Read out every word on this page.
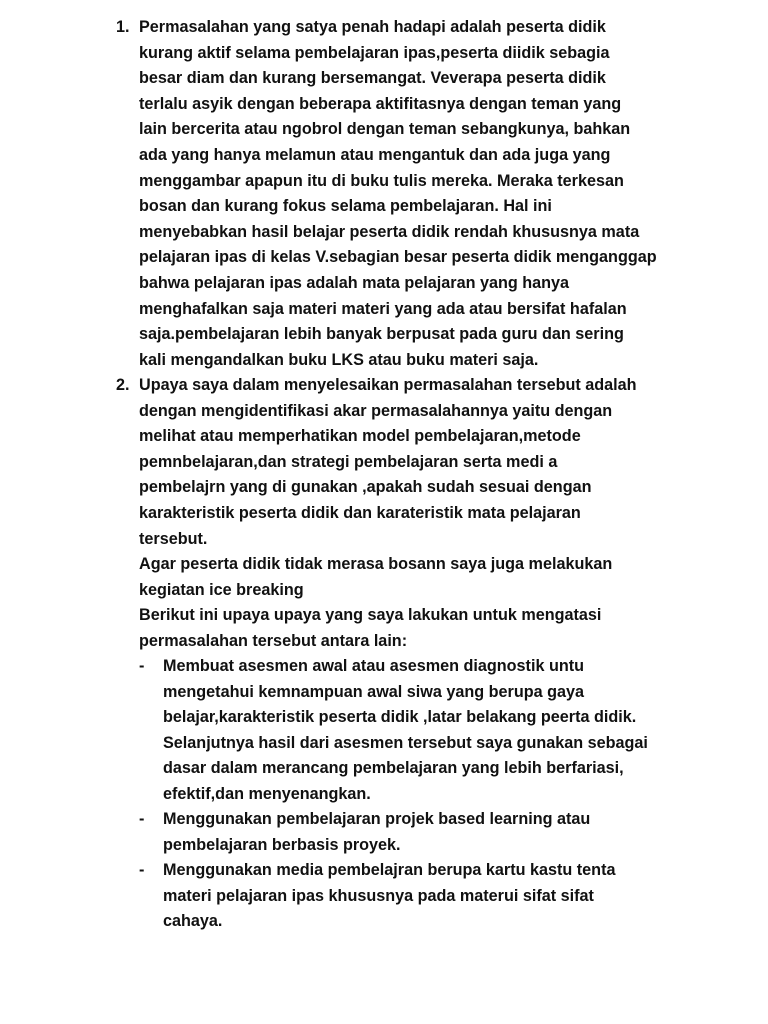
1. Permasalahan yang satya penah hadapi adalah peserta didik
kurang aktif selama pembelajaran ipas,peserta diidik sebagia
besar diam dan kurang bersemangat. Veverapa peserta didik
terlalu asyik dengan beberapa aktifitasnya dengan teman yang
lain bercerita atau ngobrol dengan teman sebangkunya, bahkan
ada yang hanya melamun atau mengantuk dan ada juga yang
menggambar apapun itu di buku tulis mereka. Meraka terkesan
bosan dan kurang fokus selama pembelajaran. Hal ini
menyebabkan hasil belajar peserta didik rendah khususnya mata
pelajaran ipas di kelas V.sebagian besar peserta didik menganggap
bahwa pelajaran ipas adalah mata pelajaran yang hanya
menghafalkan saja materi materi yang ada atau bersifat hafalan
saja.pembelajaran lebih banyak berpusat pada guru dan sering
kali mengandalkan buku LKS atau buku materi saja.
2. Upaya saya dalam menyelesaikan permasalahan tersebut adalah
dengan mengidentifikasi akar permasalahannya yaitu dengan
melihat atau memperhatikan model pembelajaran,metode
pemnbelajaran,dan strategi pembelajaran serta medi a
pembelajrn yang di gunakan ,apakah sudah sesuai dengan
karakteristik peserta didik dan karateristik mata pelajaran
tersebut.
Agar peserta didik tidak merasa bosann saya juga melakukan
kegiatan ice breaking
Berikut ini upaya upaya yang saya lakukan untuk mengatasi
permasalahan tersebut antara lain:
- Membuat asesmen awal atau asesmen diagnostik untu
mengetahui kemnampuan awal siwa yang berupa gaya
belajar,karakteristik peserta didik ,latar belakang peerta didik.
Selanjutnya hasil dari asesmen tersebut saya gunakan sebagai
dasar dalam merancang pembelajaran yang lebih berfariasi,
efektif,dan menyenangkan.
- Menggunakan pembelajaran projek based learning atau
pembelajaran berbasis proyek.
- Menggunakan media pembelajran berupa kartu kastu tenta
materi pelajaran ipas khususnya pada materui sifat sifat
cahaya.
